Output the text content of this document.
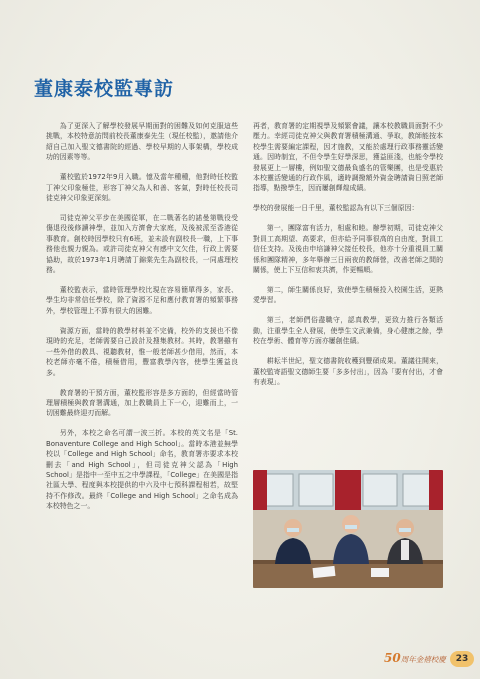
董康泰校監專訪

為了更深入了解學校發展早期面對的困難及如何克服這些挑戰，本校特意訪問前校長董康泰先生（現任校監），邀請他介紹自己加入聖文德書院的經過、學校早期的人事架構，學校成功的因素等等。

董校監於1972年9月入職。憶及當年種種，他對時任校監丁神父印象極佳，形容丁神父為人和善、客氣，對時任校長司徒克神父印象更深刻。

司徒克神父平步在美國從軍，在二戰著名的諾曼第戰役受傷退役後修讀神學，並加入方濟會大家庭，及後被派至香港從事教育。創校時因學校只有6班，並未設有副校長一職，上下事務他也親力親為。或許司徒克神父有感中文欠佳，行政上需要協助，故於1973年1月聘請丁錦棠先生為副校長，一同處理校務。

董校監表示，當時管理學校比現在容易簡單得多，家長、學生均非常信任學校，除了資源不足和應付教育署的頻繁事務外，學校管理上不算有很大的困難。

資源方面，當時的教學材料並不完備，校外的支援也不像現時的充足，老師需要自己設計及搜集教材。其時，教署雖有一些外借的教具、視聽教材，惟一般老師甚少借用，然而，本校老師亦毫不倦，積極借用，豐富教學內容，使學生獲益良多。

教育署的干預方面，董校監形容是多方面的，但經當時管理層積極與教育署溝通，加上教職員上下一心，迎難而上，一切困難最終迎刃而解。

另外，本校之命名可謂一波三折。本校的英文名是「St. Bonaventure College and High School」。當時本港並無學校以「College and High School」命名，教育署亦要求本校刪去「and High School」，但司徒克神父認為「High School」是指中一至中五之中學課程，「College」在美國是指社區大學、程度與本校提供的中六及中七預科課程相若，故堅持不作修改。最終「College and High School」之命名成為本校特色之一。

再者，教育署的定期視學及頻繁會議，讓本校教職員面對不少壓力。幸經司徒克神父與教育署積極溝通、爭取，教師能按本校學生需要編定課程，因才施教，又能於處理行政事務靈活變通。因時制宜，不但令學生好學深思，獲益匪淺，也能令學校發展更上一層樓，例如聖文德最負盛名的管樂團，也是受惠於本校靈活變通的行政作風，適時調撥額外資金聘請資日照老師指導，點撥學生，因而屢創輝煌成績。

學校的發展能一日千里，董校監認為有以下三個原因：

第一，團隊富有活力，相處和睦。辦學初期，司徒克神父對員工高期望、高要求，但亦給予同事很高的自由度，對員工信任支持。及後由申培謙神父接任校長，他亦十分重視員工關係和團隊精神，多年舉辦三日兩夜的教師營，改善老師之間的關係，使上下互信和衷共濟，作更暢順。

第二，師生關係良好，致使學生積極投入校園生活，更熱愛學習。

第三，老師們俗盡職守，認真教學，更致力推行各類活動，注重學生全人發展，使學生文武兼備，身心健康之餘，學校在學術、體育等方面亦屢創佳績。

耕耘半世紀，聖文德書院收穫到豐碩成果。董議往開來，董校監寄語聖文德師生要「多多付出」，因為「要有付出，才會有表現」。

50周年金禧校慶	23
